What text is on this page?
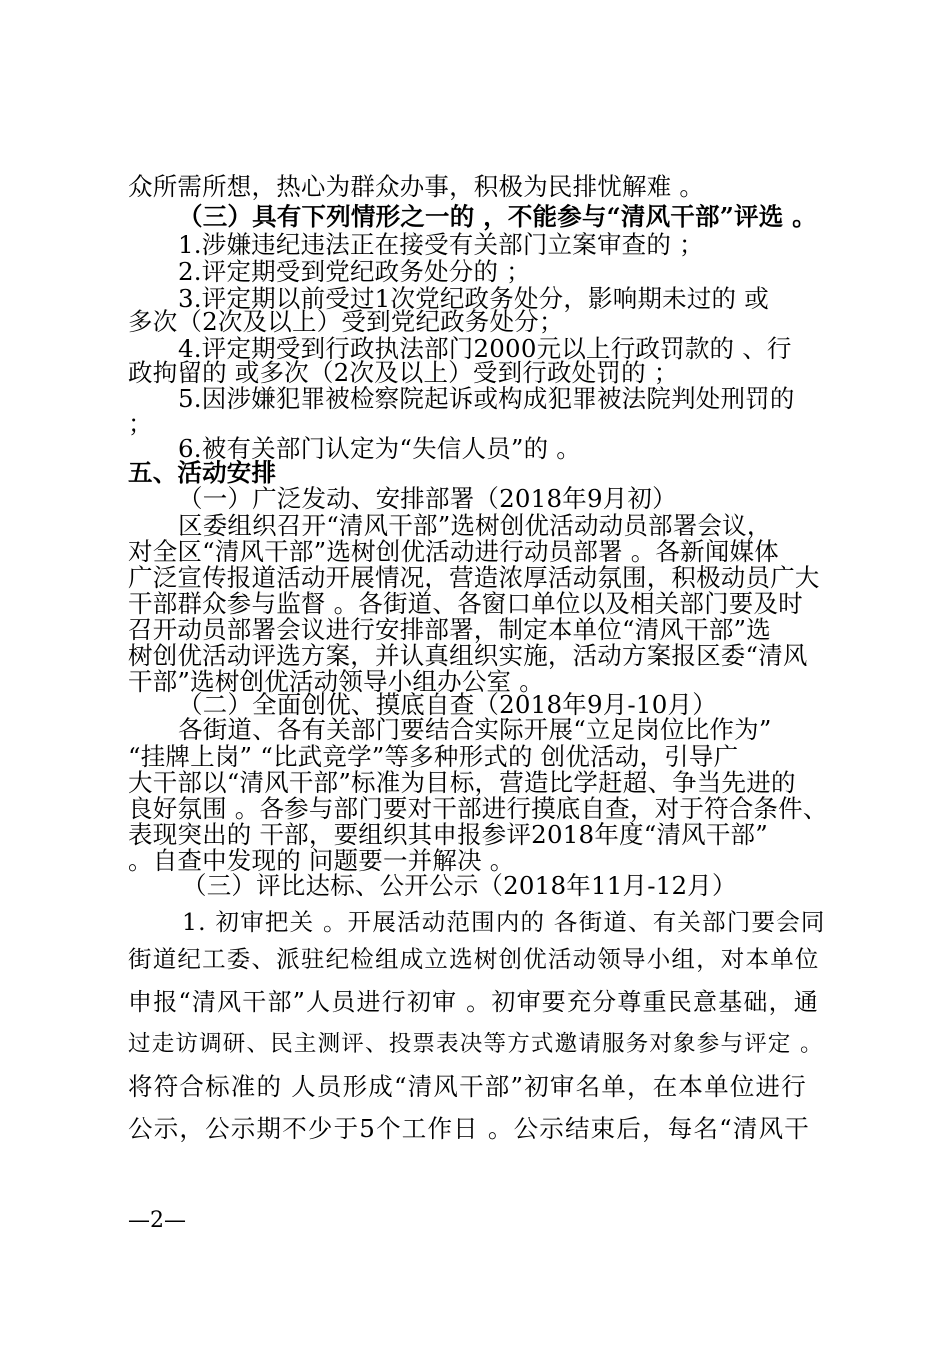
众所需所想，热心为群众办事，积极为民排忧解难 。
（三）具有下列情形之一的 ，不能参与“清风干部”评选 。
1.涉嫌违纪违法正在接受有关部门立案审查的 ；
2.评定期受到党纪政务处分的 ；
3.评定期以前受过1次党纪政务处分，影响期未过的 或
多次（2次及以上）受到党纪政务处分；
4.评定期受到行政执法部门2000元以上行政罚款的 、行
政拘留的 或多次（2次及以上）受到行政处罚的 ；
5.因涉嫌犯罪被检察院起诉或构成犯罪被法院判处刑罚的
；
6.被有关部门认定为“失信人员”的 。
五、活动安排
（一）广泛发动、安排部署（2018年9月初）
区委组织召开“清风干部”选树创优活动动员部署会议，
对全区“清风干部”选树创优活动进行动员部署 。各新闻媒体
广泛宣传报道活动开展情况，营造浓厚活动氛围，积极动员广大
干部群众参与监督 。各街道、各窗口单位以及相关部门要及时
召开动员部署会议进行安排部署，制定本单位“清风干部”选
树创优活动评选方案，并认真组织实施，活动方案报区委“清风
干部”选树创优活动领导小组办公室 。
（二）全面创优、摸底自查（2018年9月-10月）
各街道、各有关部门要结合实际开展“立足岗位比作为”
“挂牌上岗” “比武竞学”等多种形式的 创优活动，引导广
大干部以“清风干部”标准为目标，营造比学赶超、争当先进的
良好氛围 。各参与部门要对干部进行摸底自查，对于符合条件、
表现突出的 干部，要组织其申报参评2018年度“清风干部”
。自查中发现的 问题要一并解决 。
（三）评比达标、公开公示（2018年11月-12月）
1. 初审把关 。开展活动范围内的 各街道、有关部门要会同
街道纪工委、派驻纪检组成立选树创优活动领导小组，对本单位
申报“清风干部”人员进行初审 。初审要充分尊重民意基础，通
过走访调研、民主测评、投票表决等方式邀请服务对象参与评定 。
将符合标准的 人员形成“清风干部”初审名单，在本单位进行
公示，公示期不少于5个工作日 。公示结束后，每名“清风干
—2—
